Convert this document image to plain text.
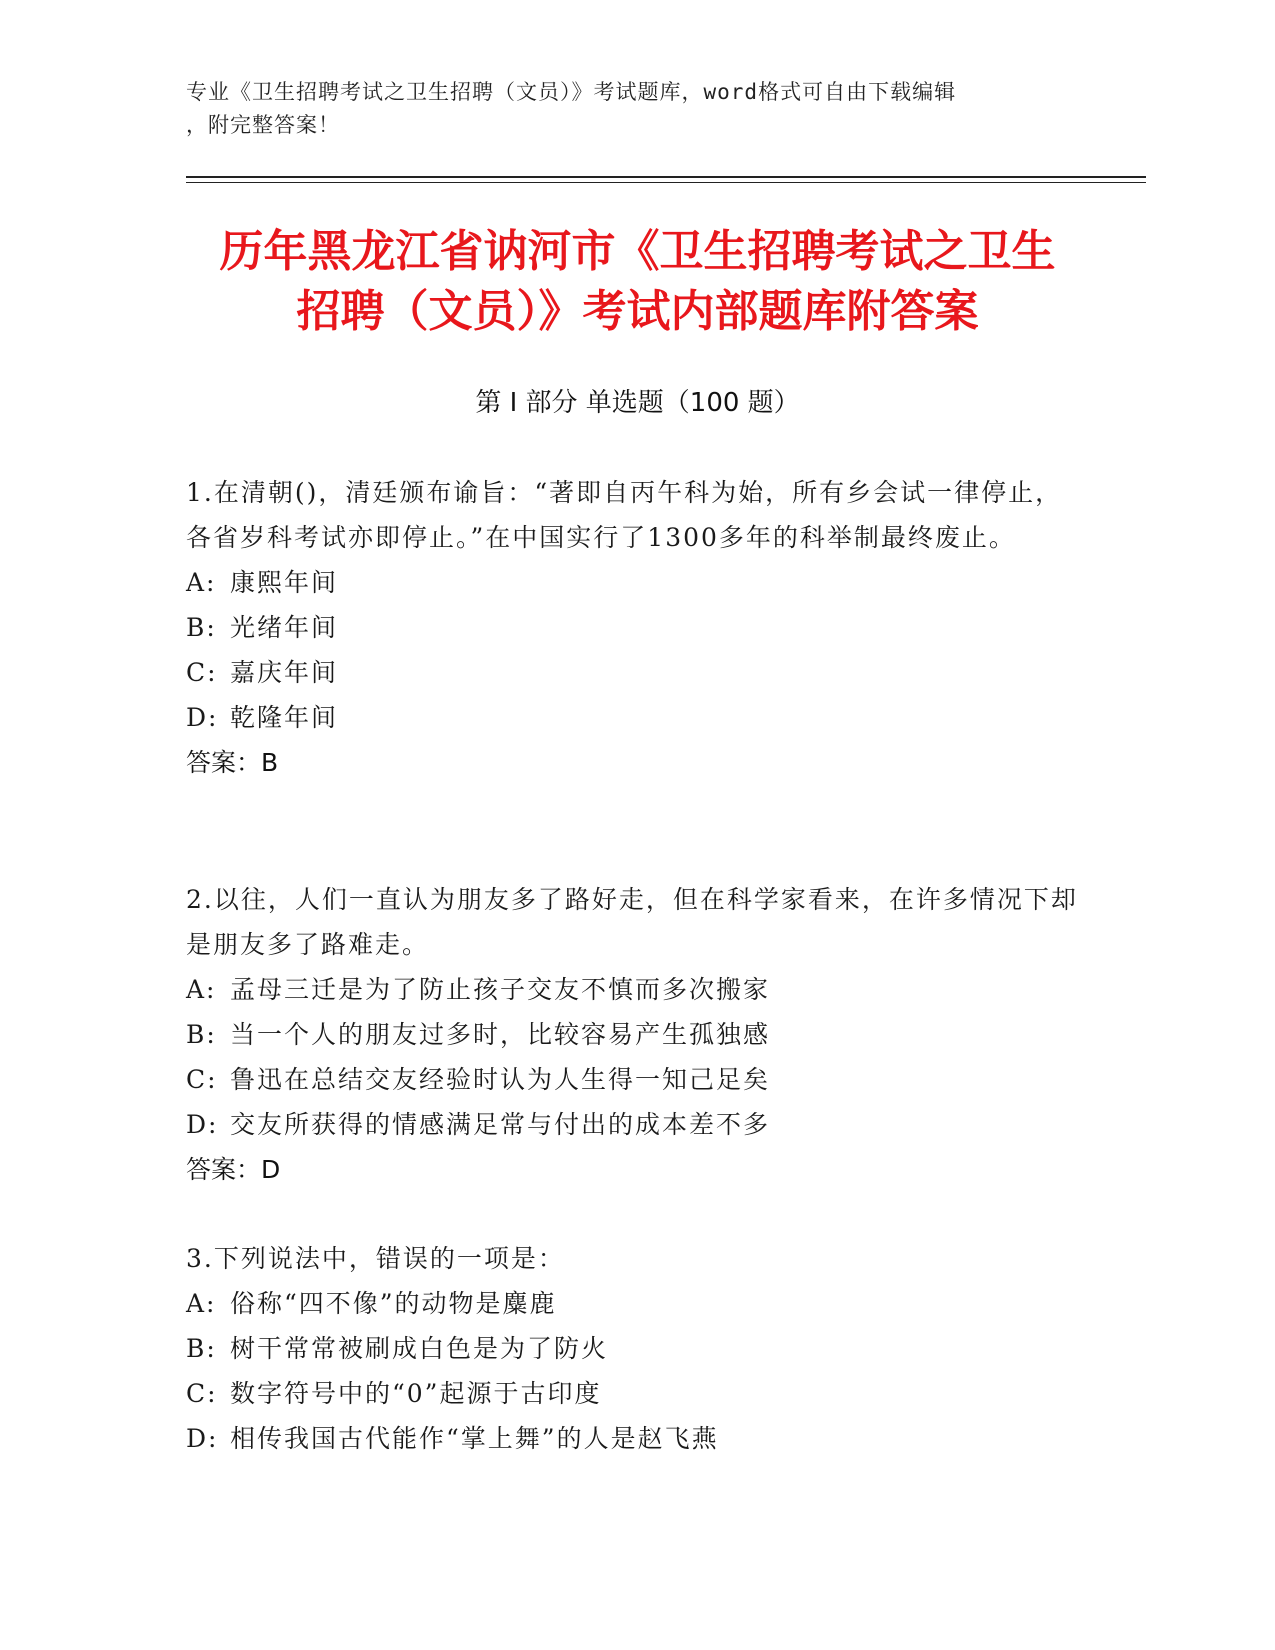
专业《卫生招聘考试之卫生招聘（文员）》考试题库，word格式可自由下载编辑
，附完整答案！
历年黑龙江省讷河市《卫生招聘考试之卫生
招聘（文员）》考试内部题库附答案
第 I 部分 单选题（100 题）
1.在清朝()，清廷颁布谕旨：“著即自丙午科为始，所有乡会试一律停止，各省岁科考试亦即停止。”在中国实行了1300多年的科举制最终废止。
A: 康熙年间
B: 光绪年间
C: 嘉庆年间
D: 乾隆年间
答案：B
2.以往，人们一直认为朋友多了路好走，但在科学家看来，在许多情况下却是朋友多了路难走。
A: 孟母三迁是为了防止孩子交友不慎而多次搬家
B: 当一个人的朋友过多时，比较容易产生孤独感
C: 鲁迅在总结交友经验时认为人生得一知己足矣
D: 交友所获得的情感满足常与付出的成本差不多
答案：D
3.下列说法中，错误的一项是：
A: 俗称“四不像”的动物是麋鹿
B: 树干常常被刷成白色是为了防火
C: 数字符号中的“0”起源于古印度
D: 相传我国古代能作“掌上舞”的人是赵飞燕
